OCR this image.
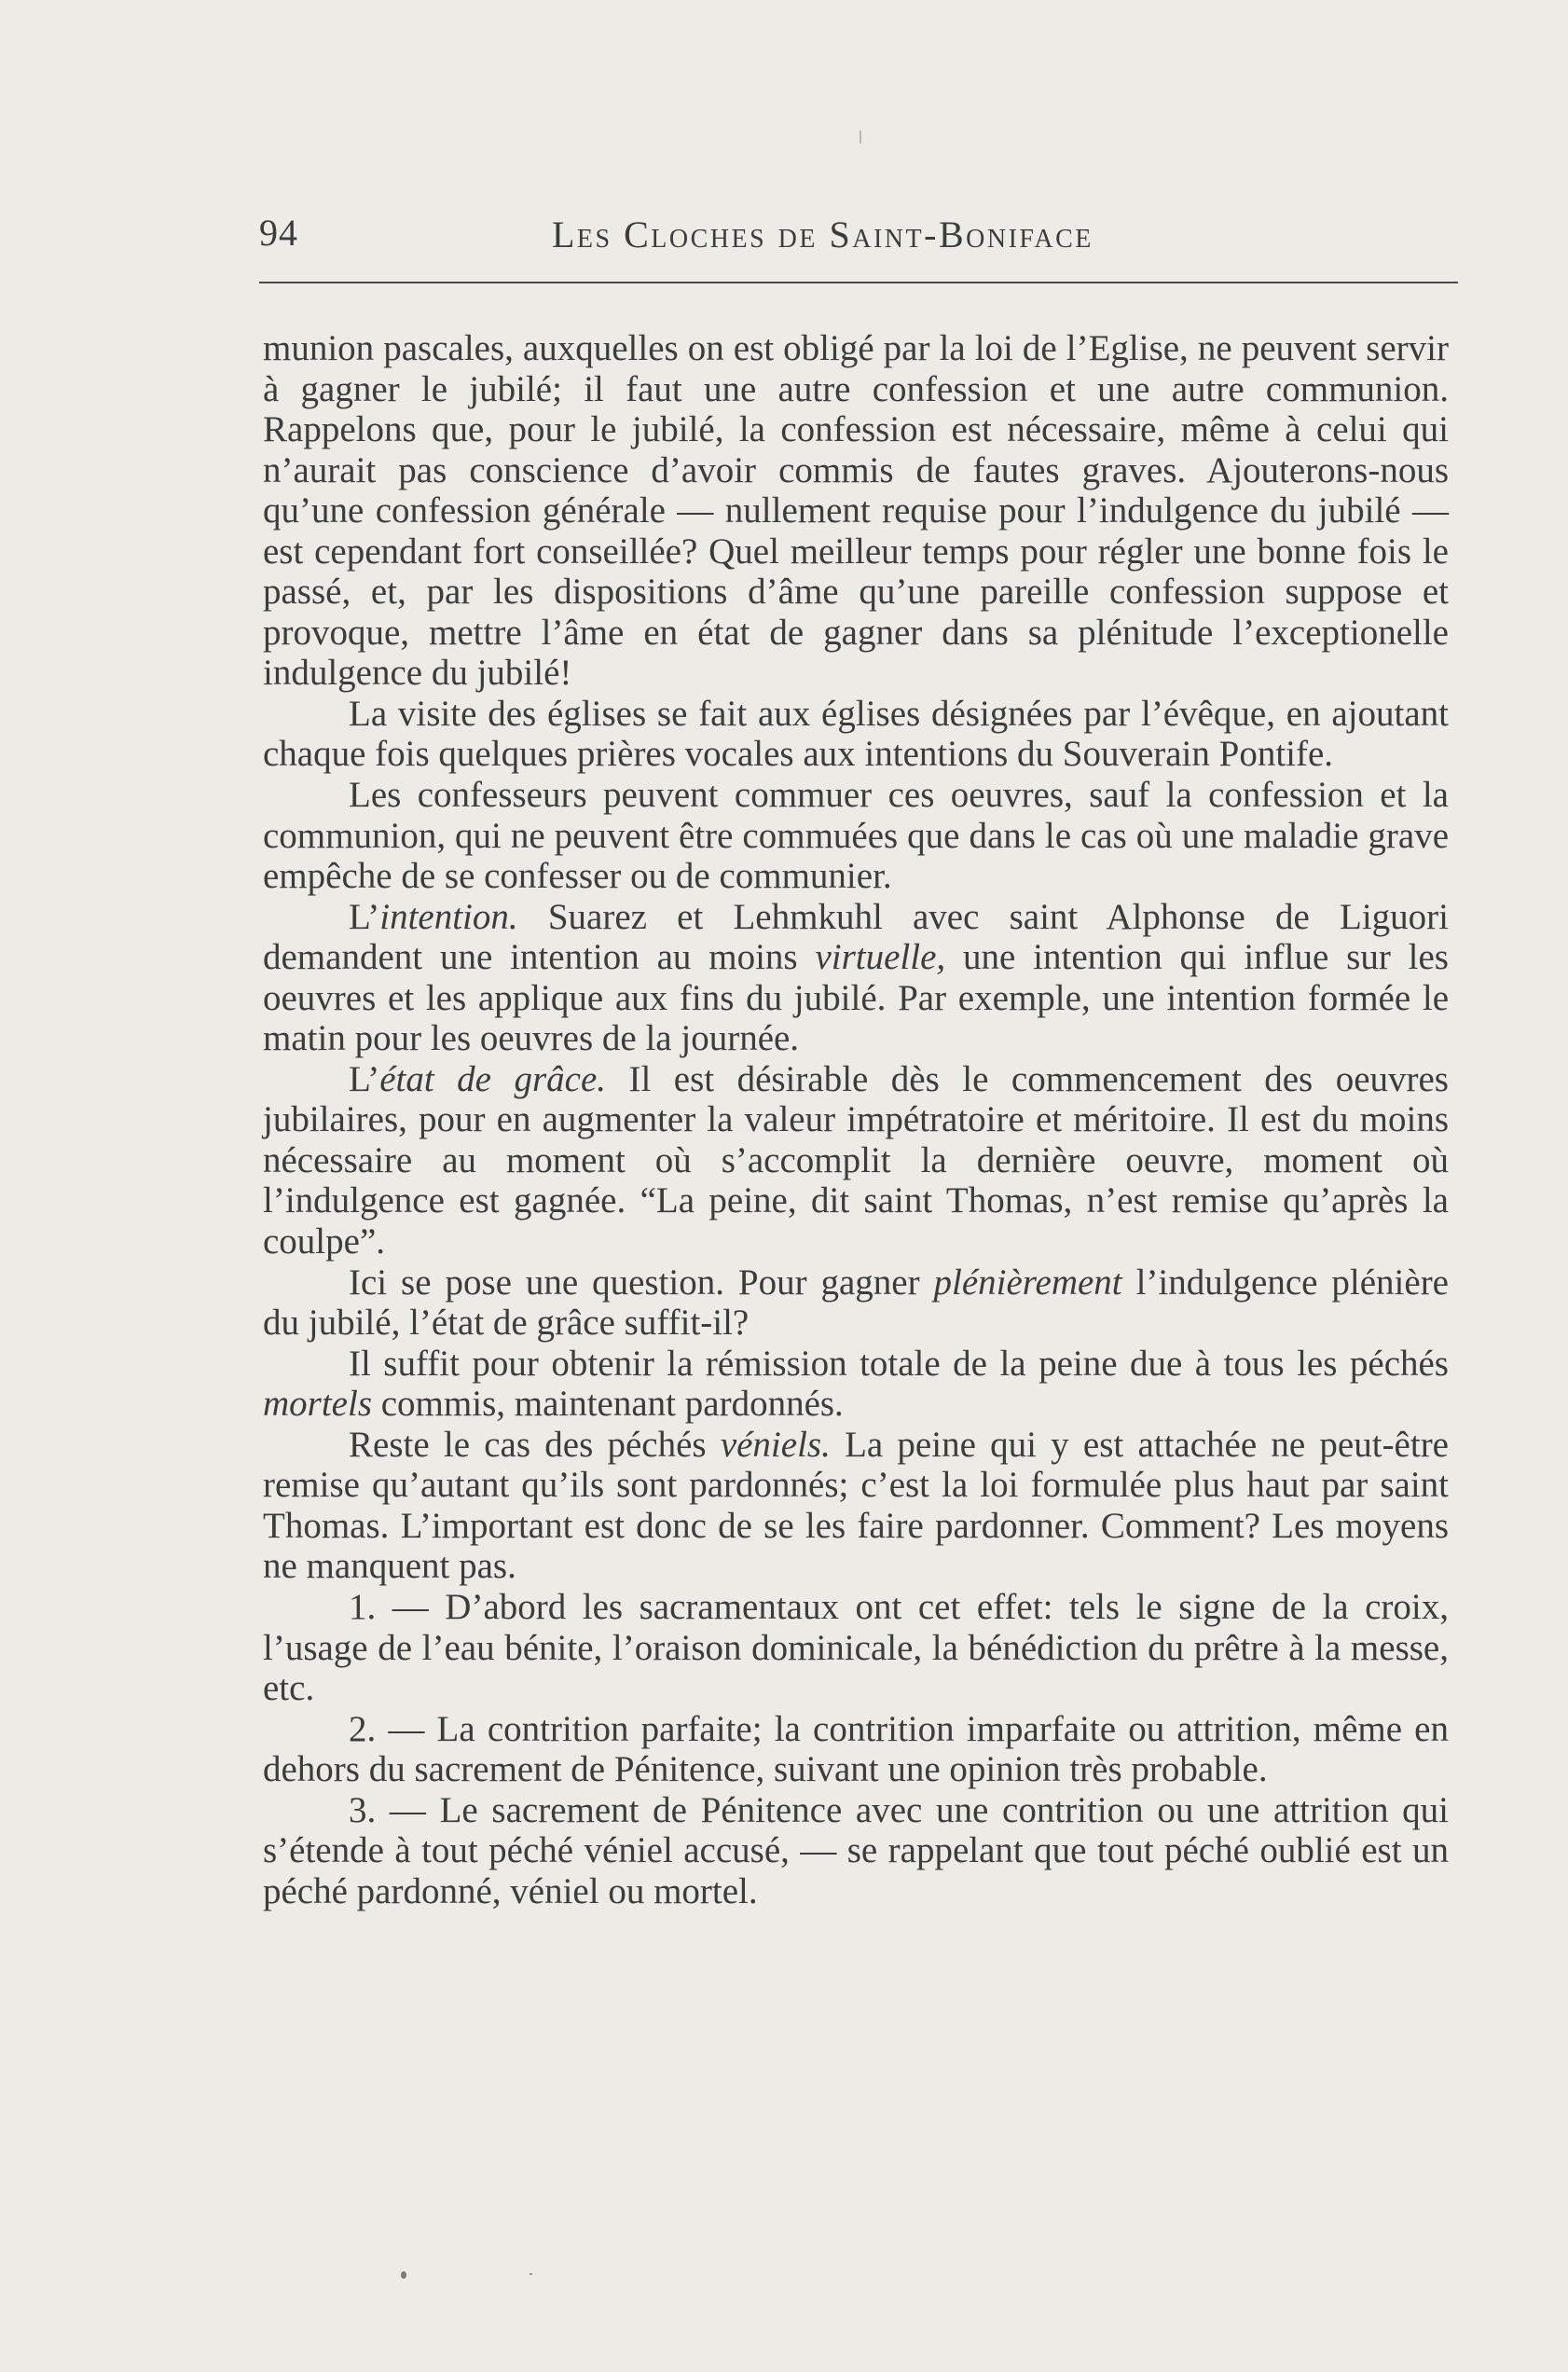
94	Les Cloches de Saint-Boniface

munion pascales, auxquelles on est obligé par la loi de l’Eglise, ne peuvent servir à gagner le jubilé; il faut une autre confession et une autre communion. Rappelons que, pour le jubilé, la confession est nécessaire, même à celui qui n’aurait pas conscience d’avoir commis de fautes graves. Ajouterons-nous qu’une confession générale — nullement requise pour l’indulgence du jubilé — est cependant fort conseillée? Quel meilleur temps pour régler une bonne fois le passé, et, par les dispositions d’âme qu’une pareille confession suppose et provoque, mettre l’âme en état de gagner dans sa plénitude l’exceptionelle indulgence du jubilé!

La visite des églises se fait aux églises désignées par l’évêque, en ajoutant chaque fois quelques prières vocales aux intentions du Souverain Pontife.

Les confesseurs peuvent commuer ces oeuvres, sauf la confession et la communion, qui ne peuvent être commuées que dans le cas où une maladie grave empêche de se confesser ou de communier.

L’intention. Suarez et Lehmkuhl avec saint Alphonse de Liguori demandent une intention au moins virtuelle, une intention qui influe sur les oeuvres et les applique aux fins du jubilé. Par exemple, une intention formée le matin pour les oeuvres de la journée.

L’état de grâce. Il est désirable dès le commencement des oeuvres jubilaires, pour en augmenter la valeur impétratoire et méritoire. Il est du moins nécessaire au moment où s’accomplit la dernière oeuvre, moment où l’indulgence est gagnée. “La peine, dit saint Thomas, n’est remise qu’après la coulpe”.

Ici se pose une question. Pour gagner plénièrement l’indulgence plénière du jubilé, l’état de grâce suffit-il?

Il suffit pour obtenir la rémission totale de la peine due à tous les péchés mortels commis, maintenant pardonnés.

Reste le cas des péchés véniels. La peine qui y est attachée ne peut-être remise qu’autant qu’ils sont pardonnés; c’est la loi formulée plus haut par saint Thomas. L’important est donc de se les faire pardonner. Comment? Les moyens ne manquent pas.

1. — D’abord les sacramentaux ont cet effet: tels le signe de la croix, l’usage de l’eau bénite, l’oraison dominicale, la bénédiction du prêtre à la messe, etc.

2. — La contrition parfaite; la contrition imparfaite ou attrition, même en dehors du sacrement de Pénitence, suivant une opinion très probable.

3. — Le sacrement de Pénitence avec une contrition ou une attrition qui s’étende à tout péché véniel accusé, — se rappelant que tout péché oublié est un péché pardonné, véniel ou mortel.
